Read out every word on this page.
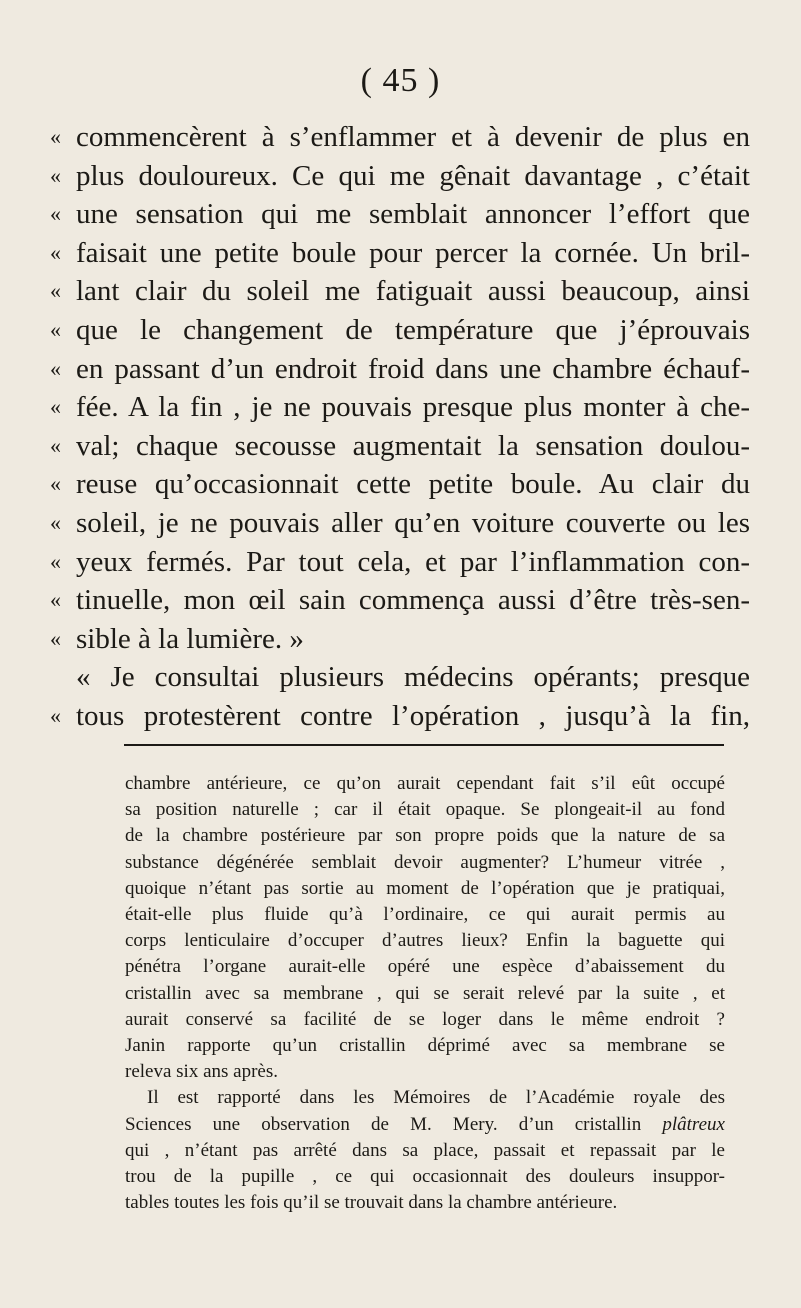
( 45 )
« commencèrent à s’enflammer et à devenir de plus en
« plus douloureux. Ce qui me gênait davantage , c’était
« une sensation qui me semblait annoncer l’effort que
« faisait une petite boule pour percer la cornée. Un bril-
« lant clair du soleil me fatiguait aussi beaucoup, ainsi
« que le changement de température que j’éprouvais
« en passant d’un endroit froid dans une chambre échauf-
« fée. A la fin , je ne pouvais presque plus monter à che-
« val; chaque secousse augmentait la sensation doulou-
« reuse qu’occasionnait cette petite boule. Au clair du
« soleil, je ne pouvais aller qu’en voiture couverte ou les
« yeux fermés. Par tout cela, et par l’inflammation con-
« tinuelle, mon œil sain commença aussi d’être très-sen-
« sible à la lumière. »
« Je consultai plusieurs médecins opérants; presque
« tous protestèrent contre l’opération , jusqu’à la fin,
chambre antérieure, ce qu’on aurait cependant fait s’il eût occupé
sa position naturelle ; car il était opaque. Se plongeait-il au fond
de la chambre postérieure par son propre poids que la nature de sa
substance dégénérée semblait devoir augmenter? L’humeur vitrée ,
quoique n’étant pas sortie au moment de l’opération que je pratiquai,
était-elle plus fluide qu’à l’ordinaire, ce qui aurait permis au
corps lenticulaire d’occuper d’autres lieux? Enfin la baguette qui
pénétra l’organe aurait-elle opéré une espèce d’abaissement du
cristallin avec sa membrane , qui se serait relevé par la suite , et
aurait conservé sa facilité de se loger dans le même endroit ?
Janin rapporte qu’un cristallin déprimé avec sa membrane se
releva six ans après.
Il est rapporté dans les Mémoires de l’Académie royale des
Sciences une observation de M. Mery. d’un cristallin plâtreux
qui , n’étant pas arrêté dans sa place, passait et repassait par le
trou de la pupille , ce qui occasionnait des douleurs insuppor-
tables toutes les fois qu’il se trouvait dans la chambre antérieure.
